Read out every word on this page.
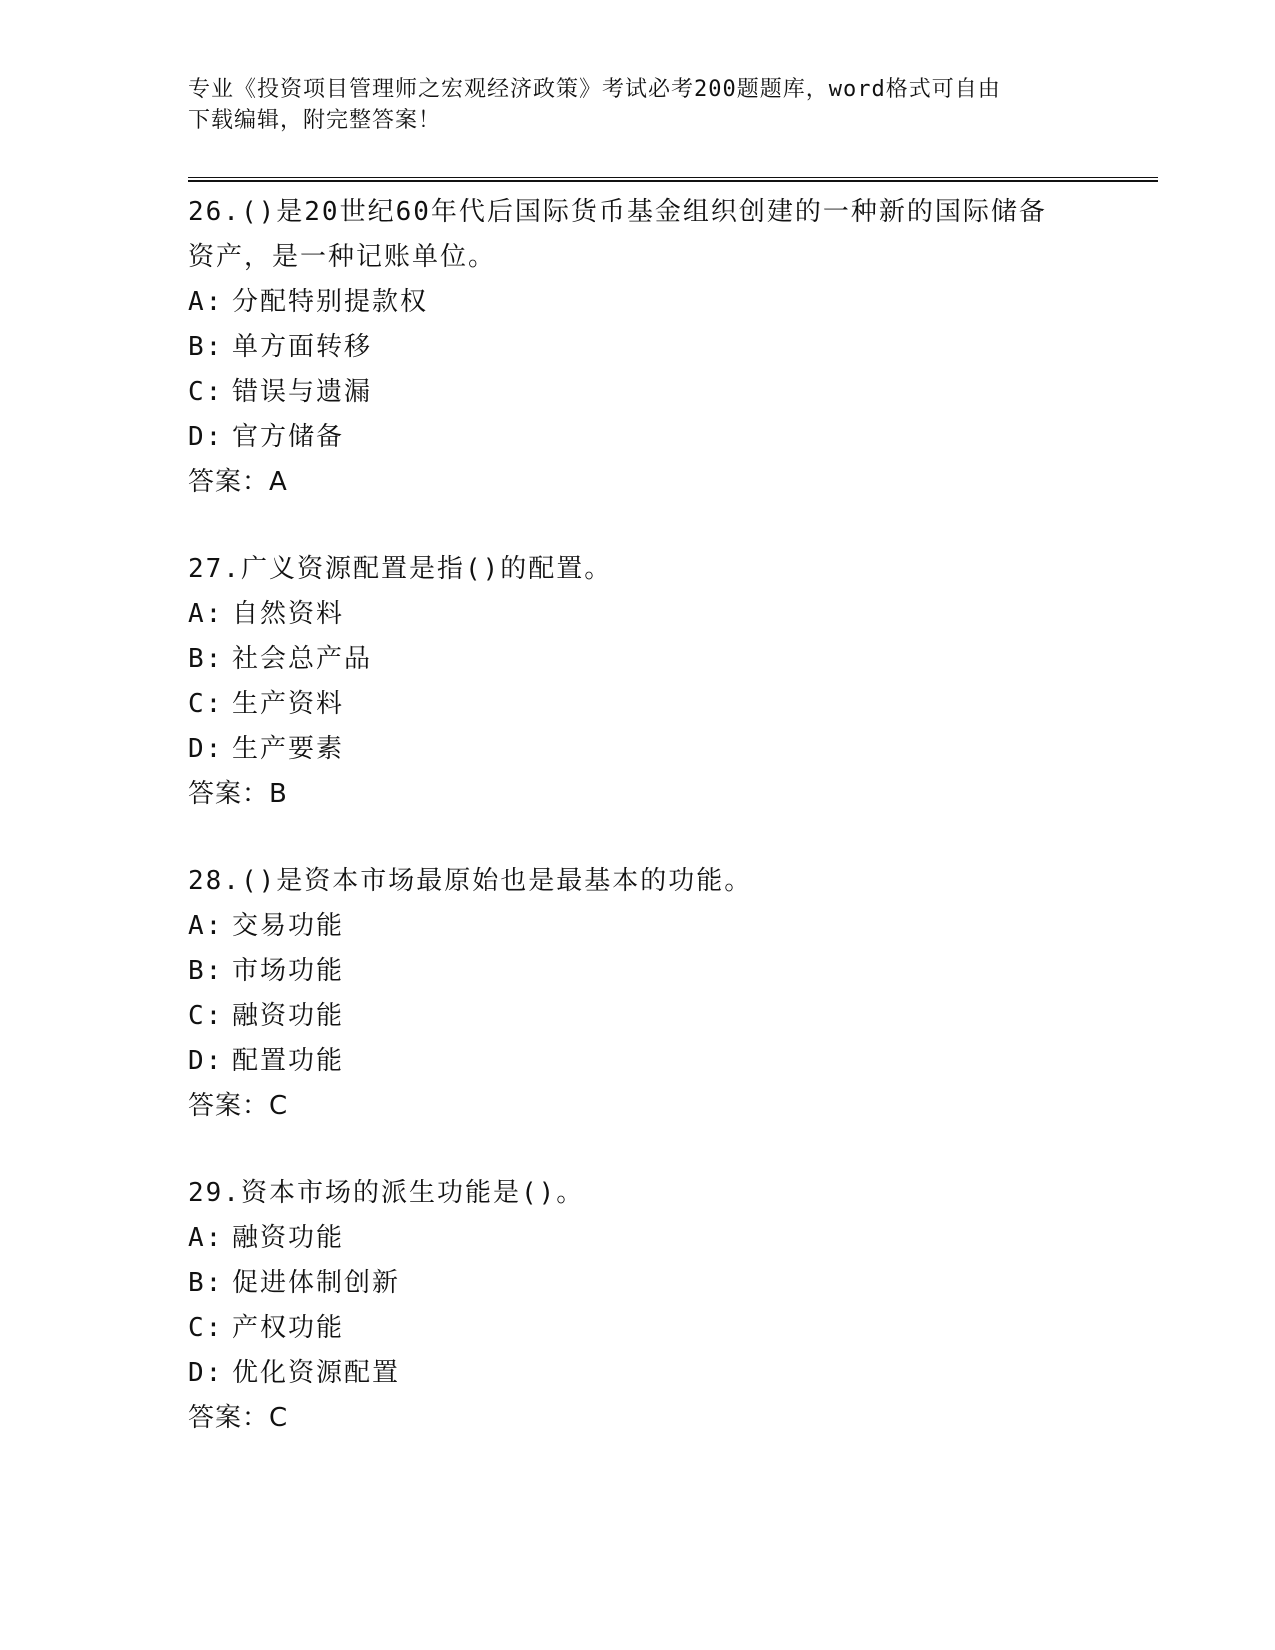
专业《投资项目管理师之宏观经济政策》考试必考200题题库，word格式可自由
下载编辑，附完整答案！

26.()是20世纪60年代后国际货币基金组织创建的一种新的国际储备
资产，是一种记账单位。

A: 分配特别提款权

B: 单方面转移

C: 错误与遗漏

D: 官方储备

答案：A

27.广义资源配置是指()的配置。

A: 自然资料

B: 社会总产品

C: 生产资料

D: 生产要素

答案：B

28.()是资本市场最原始也是最基本的功能。

A: 交易功能

B: 市场功能

C: 融资功能

D: 配置功能

答案：C

29.资本市场的派生功能是()。

A: 融资功能

B: 促进体制创新

C: 产权功能

D: 优化资源配置

答案：C
